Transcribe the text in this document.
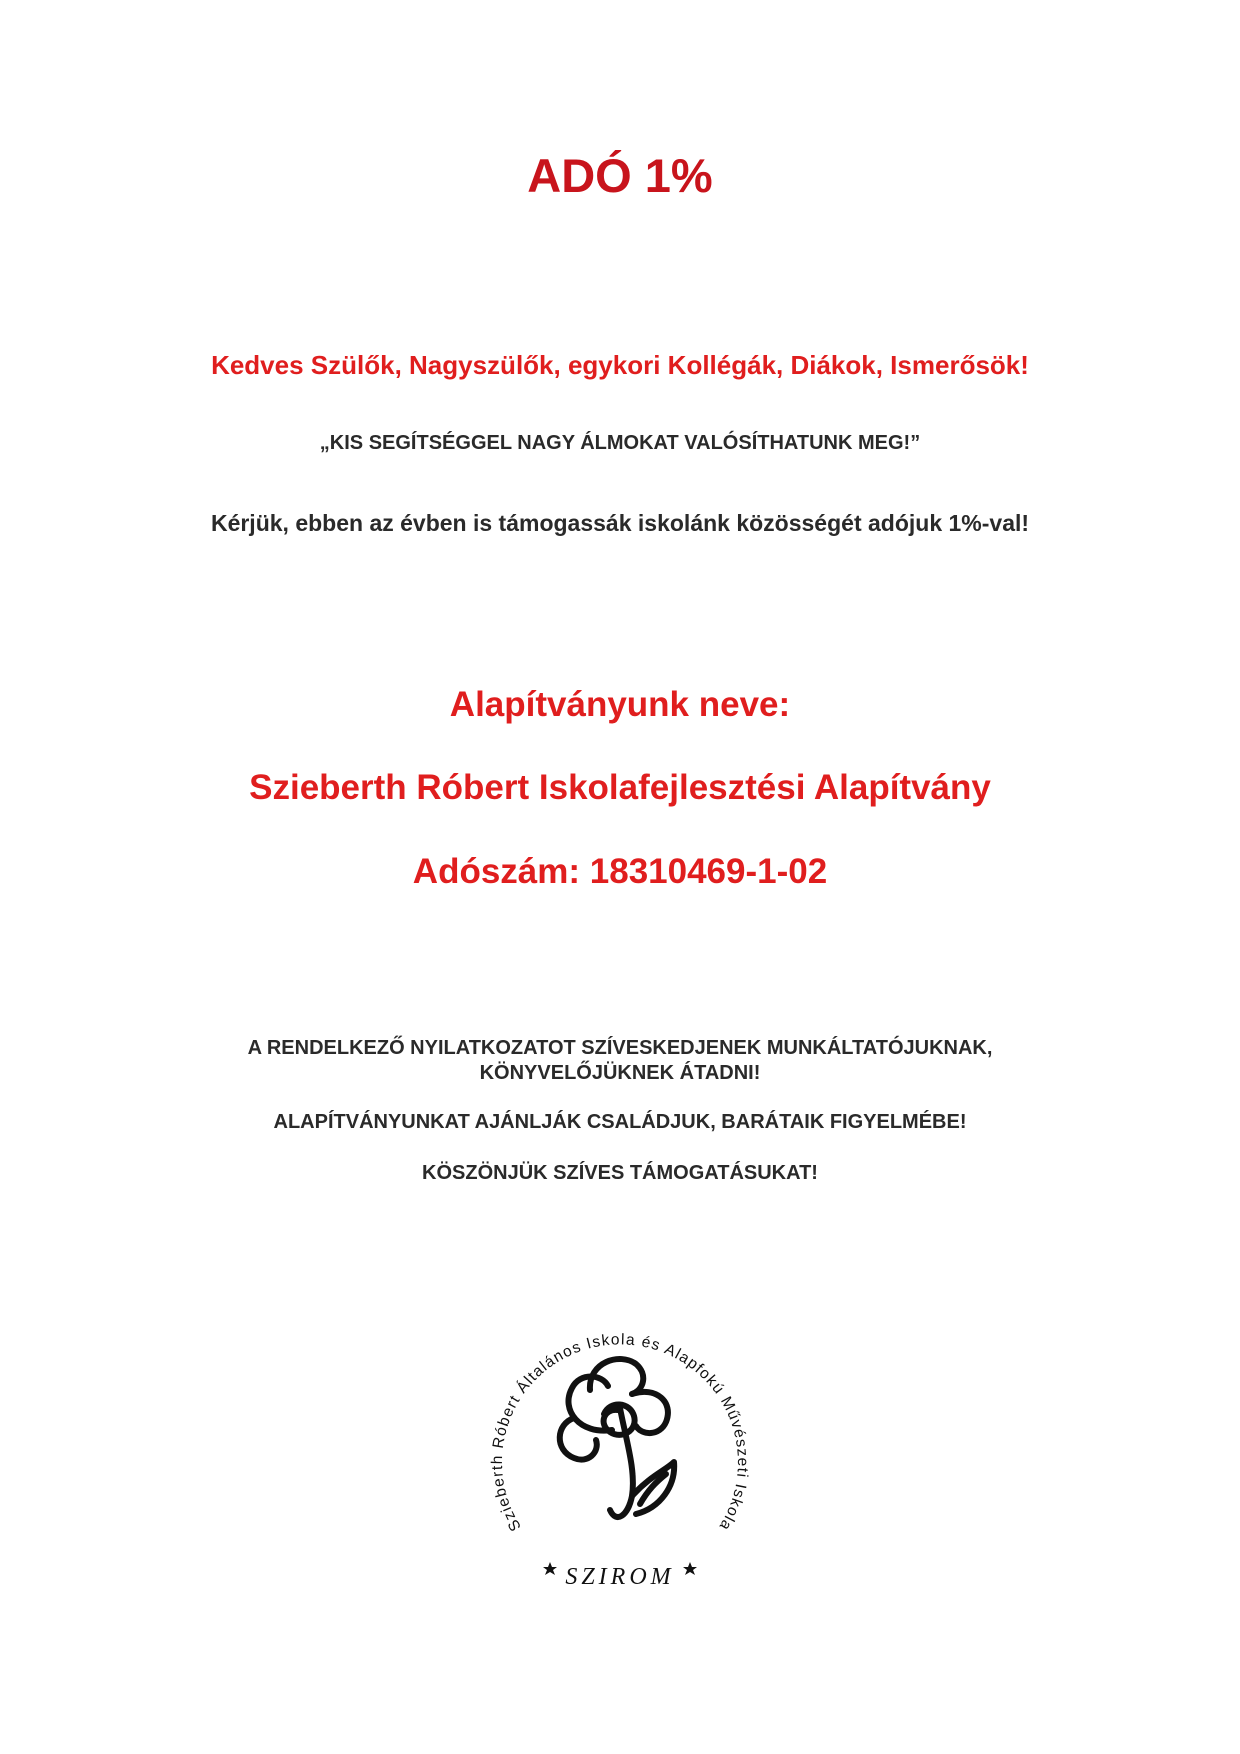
ADÓ 1%

Kedves Szülők, Nagyszülők, egykori Kollégák, Diákok, Ismerősök!

„KIS SEGÍTSÉGGEL NAGY ÁLMOKAT VALÓSÍTHATUNK MEG!”

Kérjük, ebben az évben is támogassák iskolánk közösségét adójuk 1%-val!

Alapítványunk neve:

Szieberth Róbert Iskolafejlesztési Alapítvány

Adószám: 18310469-1-02

A RENDELKEZŐ NYILATKOZATOT SZÍVESKEDJENEK MUNKÁLTATÓJUKNAK,

KÖNYVELŐJÜKNEK ÁTADNI!

ALAPÍTVÁNYUNKAT AJÁNLJÁK CSALÁDJUK, BARÁTAIK FIGYELMÉBE!

KÖSZÖNJÜK SZÍVES TÁMOGATÁSUKAT!

Szieberth Róbert Általános Iskola és Alapfokú Művészeti Iskola
SZIROM
